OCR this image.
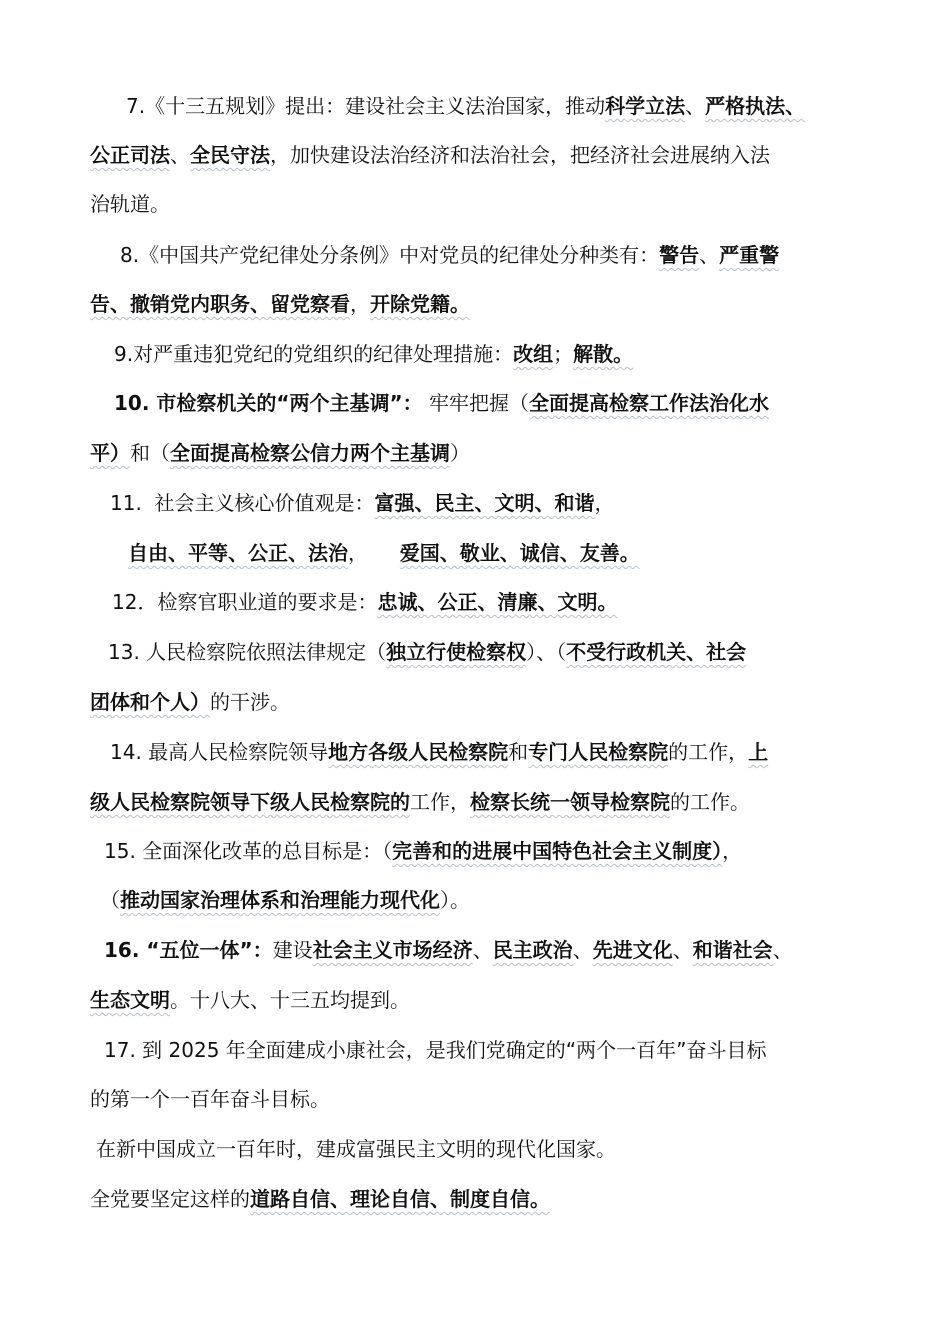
7.《十三五规划》提出：建设社会主义法治国家，推动科学立法、严格执法、
公正司法、全民守法，加快建设法治经济和法治社会，把经济社会进展纳入法
治轨道。
8.《中国共产党纪律处分条例》中对党员的纪律处分种类有：警告、严重警
告、撤销党内职务、留党察看，开除党籍。
9.对严重违犯党纪的党组织的纪律处理措施：改组；解散。
10. 市检察机关的“两个主基调”： 牢牢把握（全面提高检察工作法治化水
平）和（全面提高检察公信力两个主基调）
11.  社会主义核心价值观是：富强、民主、文明、和谐，
自由、平等、公正、法治，     爱国、敬业、诚信、友善。
12．检察官职业道的要求是：忠诚、公正、清廉、文明。
13. 人民检察院依照法律规定（独立行使检察权）、（不受行政机关、社会
团体和个人）的干涉。
14. 最高人民检察院领导地方各级人民检察院和专门人民检察院的工作，上
级人民检察院领导下级人民检察院的工作，检察长统一领导检察院的工作。
15. 全面深化改革的总目标是：（完善和的进展中国特色社会主义制度），
（推动国家治理体系和治理能力现代化）。
16. “五位一体”：建设社会主义市场经济、民主政治、先进文化、和谐社会、
生态文明。十八大、十三五均提到。
17. 到 2025 年全面建成小康社会，是我们党确定的“两个一百年”奋斗目标
的第一个一百年奋斗目标。
在新中国成立一百年时，建成富强民主文明的现代化国家。
全党要坚定这样的道路自信、理论自信、制度自信。
